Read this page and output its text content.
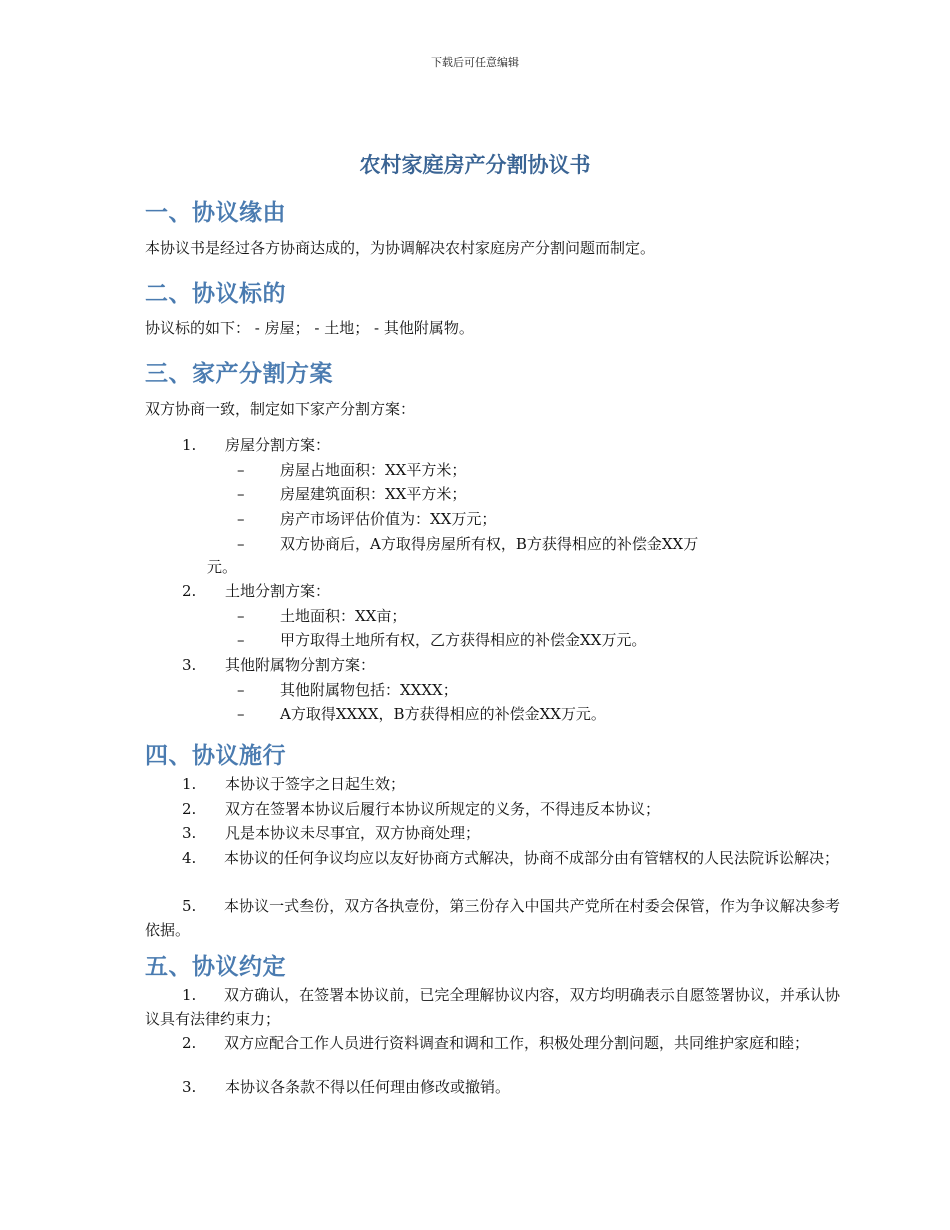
下载后可任意编辑
农村家庭房产分割协议书
一、协议缘由
本协议书是经过各方协商达成的，为协调解决农村家庭房产分割问题而制定。
二、协议标的
协议标的如下： - 房屋； - 土地； - 其他附属物。
三、家产分割方案
双方协商一致，制定如下家产分割方案：
1.	房屋分割方案：
–	房屋占地面积：XX平方米；
–	房屋建筑面积：XX平方米；
–	房产市场评估价值为：XX万元；
–	双方协商后，A方取得房屋所有权，B方获得相应的补偿金XX万
元。
2.	土地分割方案：
–	土地面积：XX亩；
–	甲方取得土地所有权，乙方获得相应的补偿金XX万元。
3.	其他附属物分割方案：
–	其他附属物包括：XXXX；
–	A方取得XXXX，B方获得相应的补偿金XX万元。
四、协议施行
1.	本协议于签字之日起生效；
2.	双方在签署本协议后履行本协议所规定的义务，不得违反本协议；
3.	凡是本协议未尽事宜，双方协商处理；
4. 本协议的任何争议均应以友好协商方式解决，协商不成部分由有管辖权的人民法院诉讼解决；
5. 本协议一式叁份，双方各执壹份，第三份存入中国共产党所在村委会保管，作为争议解决参考依据。
五、协议约定
1. 双方确认，在签署本协议前，已完全理解协议内容，双方均明确表示自愿签署协议，并承认协议具有法律约束力；
2. 双方应配合工作人员进行资料调查和调和工作，积极处理分割问题，共同维护家庭和睦；
3.	本协议各条款不得以任何理由修改或撤销。
